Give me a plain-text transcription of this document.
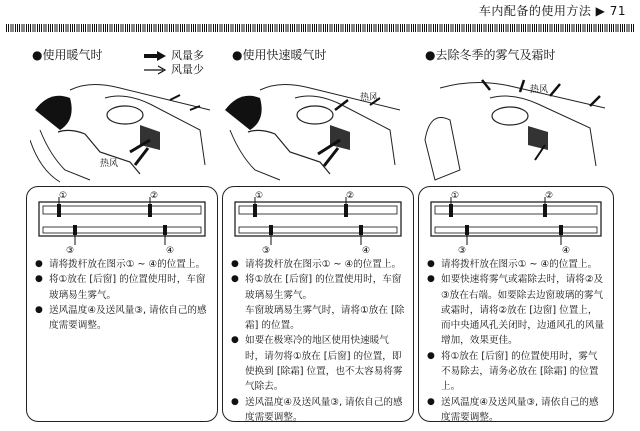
车内配备的使用方法 ▶ 71
●使用暖气时	●使用快速暖气时	●去除冬季的雾气及霜时
风量多
风量少
热风
热风
热风
①	②
③	④
● 请将拨杆放在图示① ~ ④的位置上。
● 将①放在 [后窗] 的位置使用时，车窗玻璃易生雾气。
● 送风温度④及送风量③, 请依自己的感度需要调整。
①	②
③	④
● 请将拨杆放在图示① ~ ④的位置上。
● 将①放在 [后窗] 的位置使用时，车窗玻璃易生雾气。
车窗玻璃易生雾气时，请将①放在 [除霜] 的位置。
● 如要在极寒冷的地区使用快速暖气时，请勿将①放在 [后窗] 的位置，即使换到 [除霜] 位置，也不太容易将雾气除去。
● 送风温度④及送风量③, 请依自己的感度需要调整。
①	②
③	④
● 请将拨杆放在图示① ~ ④的位置上。
● 如要快速将雾气或霜除去时，请将②及③放在右端。如要除去边窗玻璃的雾气或霜时，请将②放在 [边窗] 位置上，而中央通风孔关闭时，边通风孔的风量增加，效果更佳。
● 将①放在 [后窗] 的位置使用时，雾气不易除去，请务必放在 [除霜] 的位置上。
● 送风温度④及送风量③, 请依自己的感度需要调整。
